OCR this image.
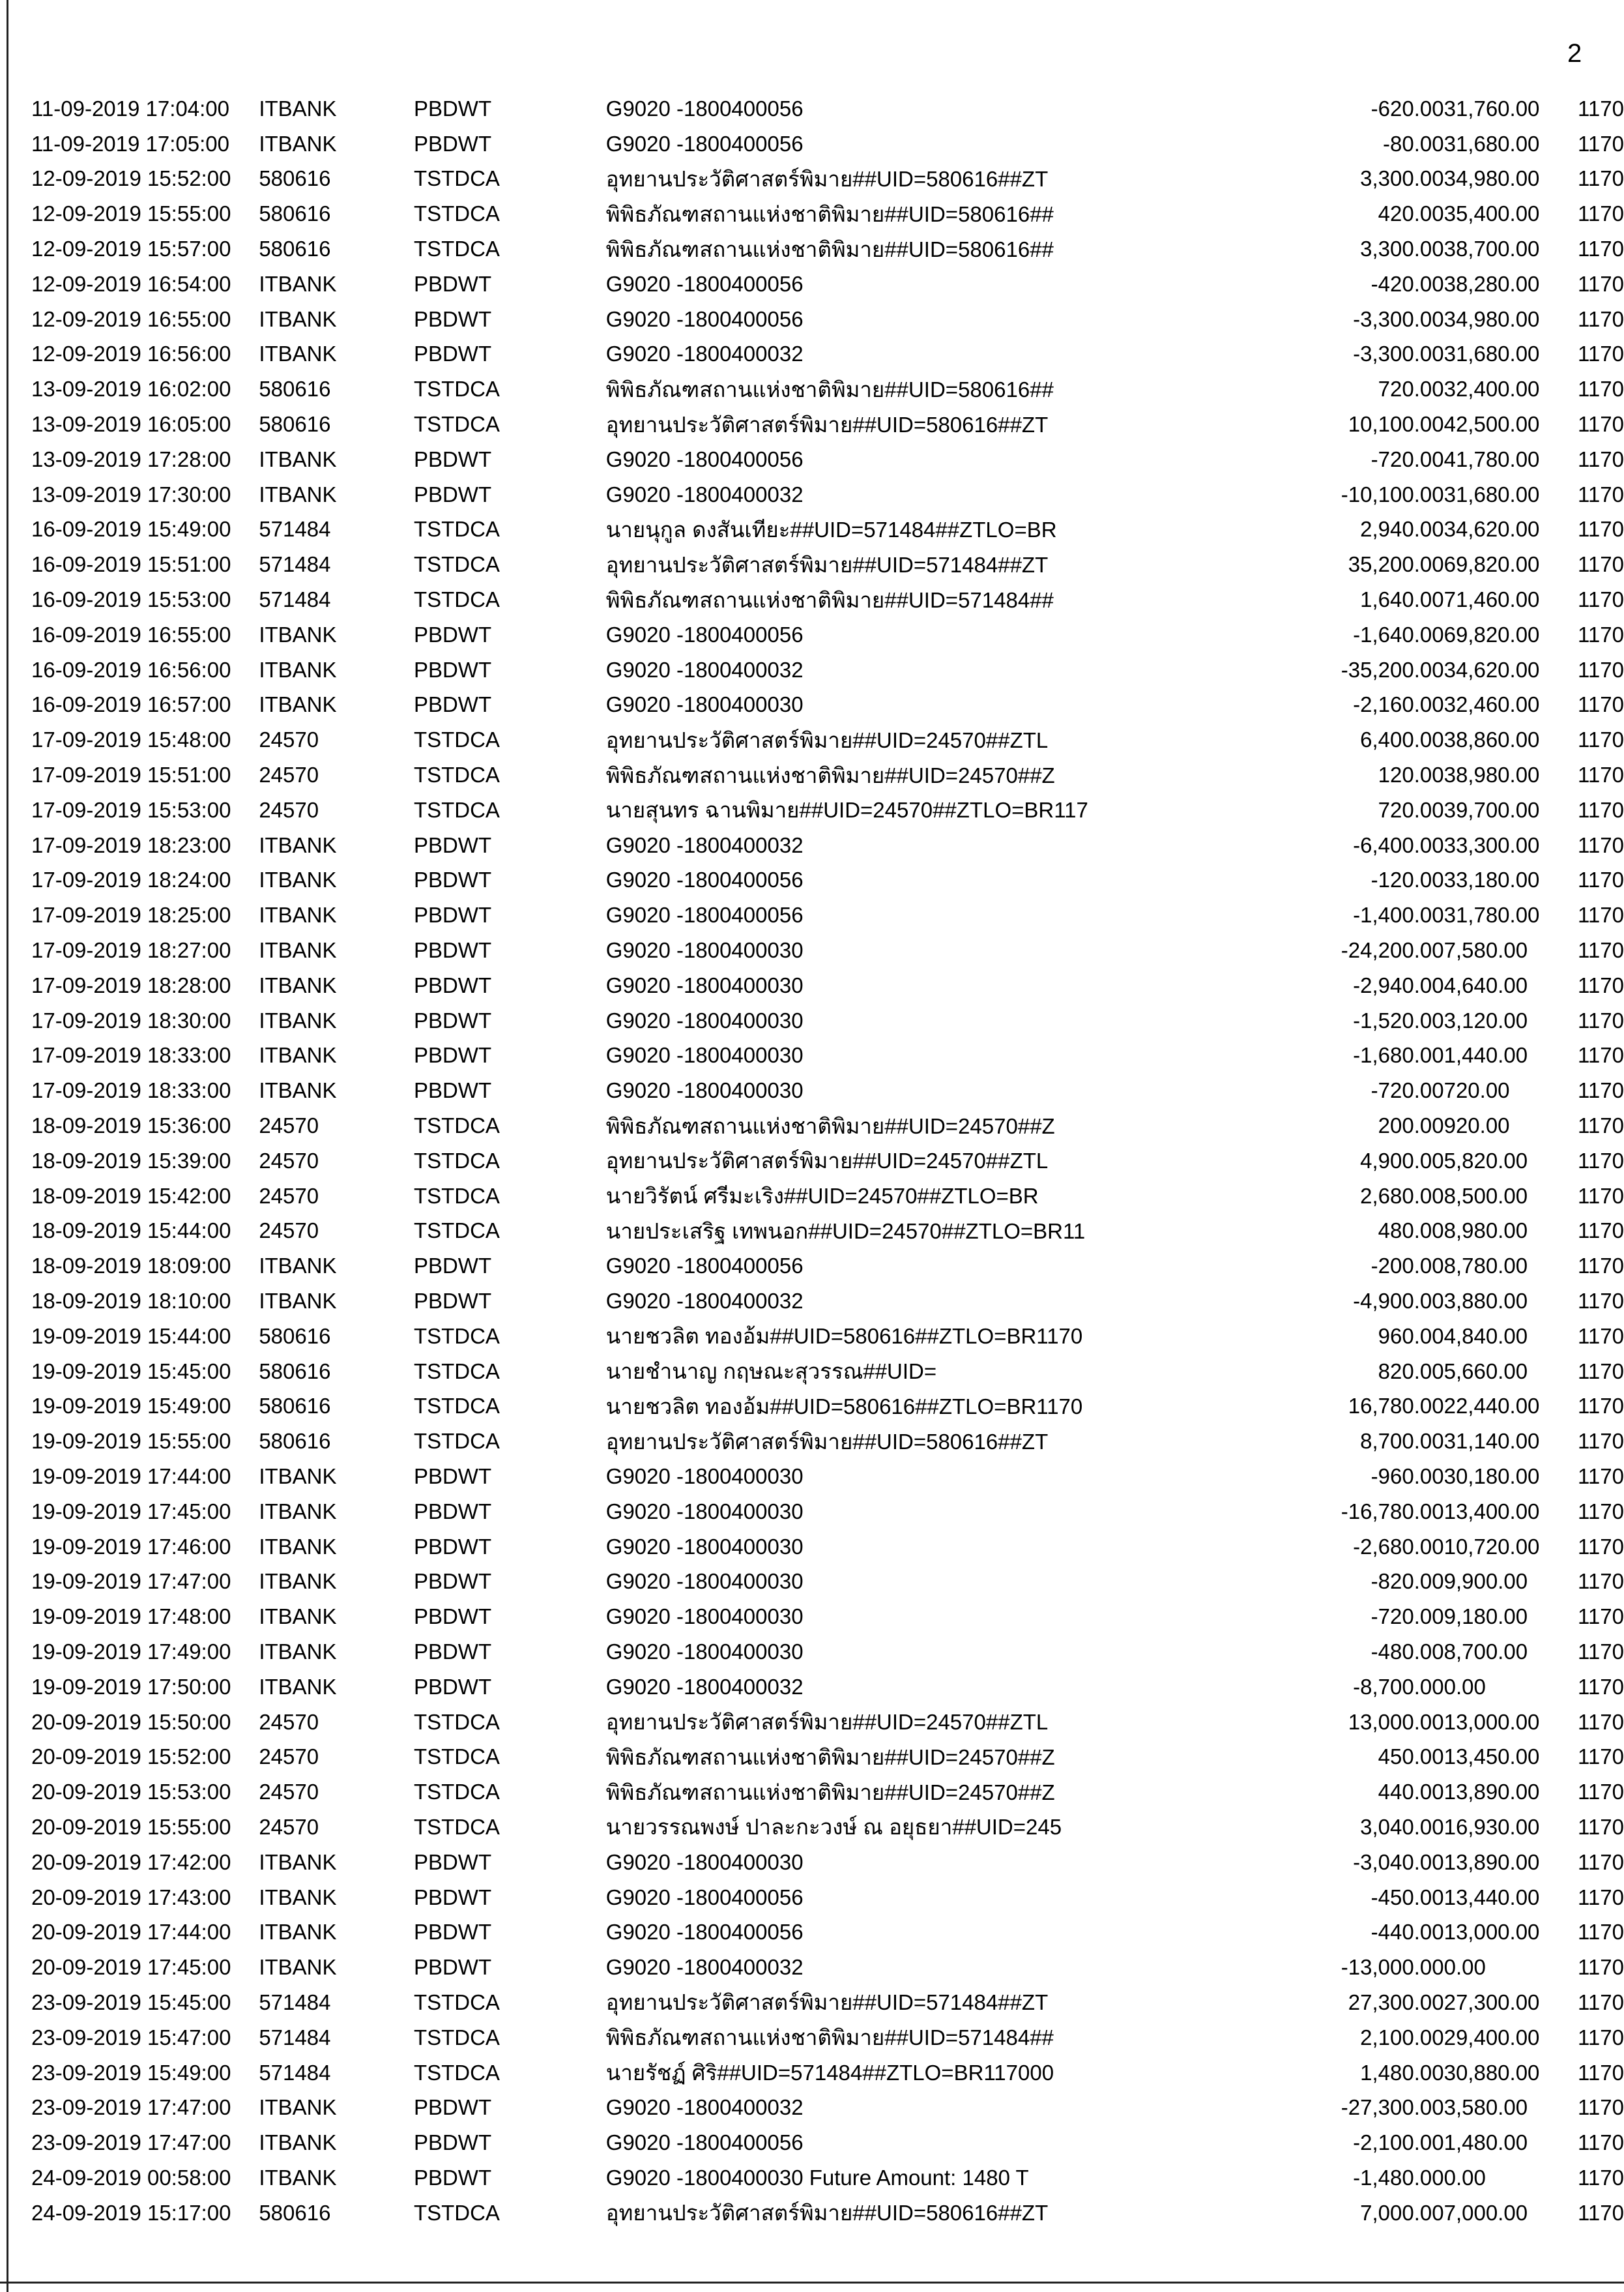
2
11-09-2019 17:04:00	ITBANK	PBDWT	G9020 -1800400056	-620.00	31,760.00	1170
11-09-2019 17:05:00	ITBANK	PBDWT	G9020 -1800400056	-80.00	31,680.00	1170
12-09-2019 15:52:00	580616	TSTDCA	อุทยานประวัติศาสตร์พิมาย##UID=580616##ZT	3,300.00	34,980.00	1170
12-09-2019 15:55:00	580616	TSTDCA	พิพิธภัณฑสถานแห่งชาติพิมาย##UID=580616##	420.00	35,400.00	1170
12-09-2019 15:57:00	580616	TSTDCA	พิพิธภัณฑสถานแห่งชาติพิมาย##UID=580616##	3,300.00	38,700.00	1170
12-09-2019 16:54:00	ITBANK	PBDWT	G9020 -1800400056	-420.00	38,280.00	1170
12-09-2019 16:55:00	ITBANK	PBDWT	G9020 -1800400056	-3,300.00	34,980.00	1170
12-09-2019 16:56:00	ITBANK	PBDWT	G9020 -1800400032	-3,300.00	31,680.00	1170
13-09-2019 16:02:00	580616	TSTDCA	พิพิธภัณฑสถานแห่งชาติพิมาย##UID=580616##	720.00	32,400.00	1170
13-09-2019 16:05:00	580616	TSTDCA	อุทยานประวัติศาสตร์พิมาย##UID=580616##ZT	10,100.00	42,500.00	1170
13-09-2019 17:28:00	ITBANK	PBDWT	G9020 -1800400056	-720.00	41,780.00	1170
13-09-2019 17:30:00	ITBANK	PBDWT	G9020 -1800400032	-10,100.00	31,680.00	1170
16-09-2019 15:49:00	571484	TSTDCA	นายนุกูล ดงสันเทียะ##UID=571484##ZTLO=BR	2,940.00	34,620.00	1170
16-09-2019 15:51:00	571484	TSTDCA	อุทยานประวัติศาสตร์พิมาย##UID=571484##ZT	35,200.00	69,820.00	1170
16-09-2019 15:53:00	571484	TSTDCA	พิพิธภัณฑสถานแห่งชาติพิมาย##UID=571484##	1,640.00	71,460.00	1170
16-09-2019 16:55:00	ITBANK	PBDWT	G9020 -1800400056	-1,640.00	69,820.00	1170
16-09-2019 16:56:00	ITBANK	PBDWT	G9020 -1800400032	-35,200.00	34,620.00	1170
16-09-2019 16:57:00	ITBANK	PBDWT	G9020 -1800400030	-2,160.00	32,460.00	1170
17-09-2019 15:48:00	24570	TSTDCA	อุทยานประวัติศาสตร์พิมาย##UID=24570##ZTL	6,400.00	38,860.00	1170
17-09-2019 15:51:00	24570	TSTDCA	พิพิธภัณฑสถานแห่งชาติพิมาย##UID=24570##Z	120.00	38,980.00	1170
17-09-2019 15:53:00	24570	TSTDCA	นายสุนทร ฉานพิมาย##UID=24570##ZTLO=BR117	720.00	39,700.00	1170
17-09-2019 18:23:00	ITBANK	PBDWT	G9020 -1800400032	-6,400.00	33,300.00	1170
17-09-2019 18:24:00	ITBANK	PBDWT	G9020 -1800400056	-120.00	33,180.00	1170
17-09-2019 18:25:00	ITBANK	PBDWT	G9020 -1800400056	-1,400.00	31,780.00	1170
17-09-2019 18:27:00	ITBANK	PBDWT	G9020 -1800400030	-24,200.00	7,580.00	1170
17-09-2019 18:28:00	ITBANK	PBDWT	G9020 -1800400030	-2,940.00	4,640.00	1170
17-09-2019 18:30:00	ITBANK	PBDWT	G9020 -1800400030	-1,520.00	3,120.00	1170
17-09-2019 18:33:00	ITBANK	PBDWT	G9020 -1800400030	-1,680.00	1,440.00	1170
17-09-2019 18:33:00	ITBANK	PBDWT	G9020 -1800400030	-720.00	720.00	1170
18-09-2019 15:36:00	24570	TSTDCA	พิพิธภัณฑสถานแห่งชาติพิมาย##UID=24570##Z	200.00	920.00	1170
18-09-2019 15:39:00	24570	TSTDCA	อุทยานประวัติศาสตร์พิมาย##UID=24570##ZTL	4,900.00	5,820.00	1170
18-09-2019 15:42:00	24570	TSTDCA	นายวิรัตน์ ศรีมะเริง##UID=24570##ZTLO=BR	2,680.00	8,500.00	1170
18-09-2019 15:44:00	24570	TSTDCA	นายประเสริฐ เทพนอก##UID=24570##ZTLO=BR11	480.00	8,980.00	1170
18-09-2019 18:09:00	ITBANK	PBDWT	G9020 -1800400056	-200.00	8,780.00	1170
18-09-2019 18:10:00	ITBANK	PBDWT	G9020 -1800400032	-4,900.00	3,880.00	1170
19-09-2019 15:44:00	580616	TSTDCA	นายชวลิต ทองอ้ม##UID=580616##ZTLO=BR1170	960.00	4,840.00	1170
19-09-2019 15:45:00	580616	TSTDCA	นายชำนาญ กฤษณะสุวรรณ##UID=	820.00	5,660.00	1170
19-09-2019 15:49:00	580616	TSTDCA	นายชวลิต ทองอ้ม##UID=580616##ZTLO=BR1170	16,780.00	22,440.00	1170
19-09-2019 15:55:00	580616	TSTDCA	อุทยานประวัติศาสตร์พิมาย##UID=580616##ZT	8,700.00	31,140.00	1170
19-09-2019 17:44:00	ITBANK	PBDWT	G9020 -1800400030	-960.00	30,180.00	1170
19-09-2019 17:45:00	ITBANK	PBDWT	G9020 -1800400030	-16,780.00	13,400.00	1170
19-09-2019 17:46:00	ITBANK	PBDWT	G9020 -1800400030	-2,680.00	10,720.00	1170
19-09-2019 17:47:00	ITBANK	PBDWT	G9020 -1800400030	-820.00	9,900.00	1170
19-09-2019 17:48:00	ITBANK	PBDWT	G9020 -1800400030	-720.00	9,180.00	1170
19-09-2019 17:49:00	ITBANK	PBDWT	G9020 -1800400030	-480.00	8,700.00	1170
19-09-2019 17:50:00	ITBANK	PBDWT	G9020 -1800400032	-8,700.00	0.00	1170
20-09-2019 15:50:00	24570	TSTDCA	อุทยานประวัติศาสตร์พิมาย##UID=24570##ZTL	13,000.00	13,000.00	1170
20-09-2019 15:52:00	24570	TSTDCA	พิพิธภัณฑสถานแห่งชาติพิมาย##UID=24570##Z	450.00	13,450.00	1170
20-09-2019 15:53:00	24570	TSTDCA	พิพิธภัณฑสถานแห่งชาติพิมาย##UID=24570##Z	440.00	13,890.00	1170
20-09-2019 15:55:00	24570	TSTDCA	นายวรรณพงษ์ ปาละกะวงษ์ ณ อยุธยา##UID=245	3,040.00	16,930.00	1170
20-09-2019 17:42:00	ITBANK	PBDWT	G9020 -1800400030	-3,040.00	13,890.00	1170
20-09-2019 17:43:00	ITBANK	PBDWT	G9020 -1800400056	-450.00	13,440.00	1170
20-09-2019 17:44:00	ITBANK	PBDWT	G9020 -1800400056	-440.00	13,000.00	1170
20-09-2019 17:45:00	ITBANK	PBDWT	G9020 -1800400032	-13,000.00	0.00	1170
23-09-2019 15:45:00	571484	TSTDCA	อุทยานประวัติศาสตร์พิมาย##UID=571484##ZT	27,300.00	27,300.00	1170
23-09-2019 15:47:00	571484	TSTDCA	พิพิธภัณฑสถานแห่งชาติพิมาย##UID=571484##	2,100.00	29,400.00	1170
23-09-2019 15:49:00	571484	TSTDCA	นายรัชฏ์ ศิริ##UID=571484##ZTLO=BR117000	1,480.00	30,880.00	1170
23-09-2019 17:47:00	ITBANK	PBDWT	G9020 -1800400032	-27,300.00	3,580.00	1170
23-09-2019 17:47:00	ITBANK	PBDWT	G9020 -1800400056	-2,100.00	1,480.00	1170
24-09-2019 00:58:00	ITBANK	PBDWT	G9020 -1800400030 Future Amount: 1480 T	-1,480.00	0.00	1170
24-09-2019 15:17:00	580616	TSTDCA	อุทยานประวัติศาสตร์พิมาย##UID=580616##ZT	7,000.00	7,000.00	1170
